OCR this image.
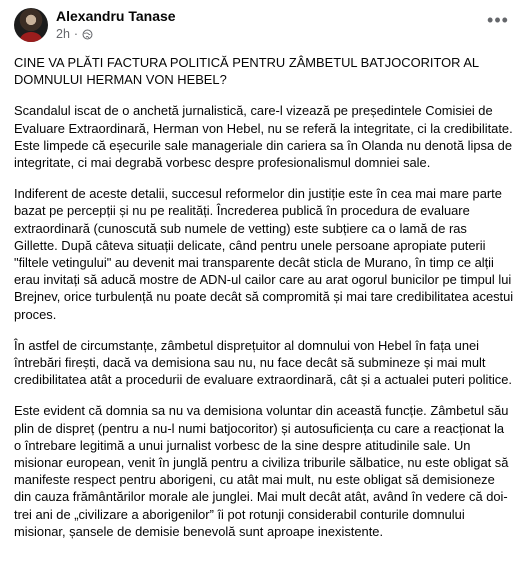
Alexandru Tanase
2h ·
•••

CINE VA PLĂTI FACTURA POLITICĂ PENTRU ZÂMBETUL BATJOCORITOR AL DOMNULUI HERMAN VON HEBEL?

Scandalul iscat de o anchetă jurnalistică, care-l vizează pe președintele Comisiei de Evaluare Extraordinară, Herman von Hebel, nu se referă la integritate, ci la credibilitate. Este limpede că eșecurile sale manageriale din cariera sa în Olanda nu denotă lipsa de integritate, ci mai degrabă vorbesc despre profesionalismul domniei sale.

Indiferent de aceste detalii, succesul reformelor din justiție este în cea mai mare parte bazat pe percepții și nu pe realități. Încrederea publică în procedura de evaluare extraordinară (cunoscută sub numele de vetting) este subțiere ca o lamă de ras Gillette. După câteva situații delicate, când pentru unele persoane apropiate puterii "filtele vetingului" au devenit mai transparente decât sticla de Murano, în timp ce alții erau invitați să aducă mostre de ADN-ul cailor care au arat ogorul bunicilor pe timpul lui Brejnev, orice turbulență nu poate decât să compromită și mai tare credibilitatea acestui proces.

În astfel de circumstanțe, zâmbetul disprețuitor al domnului von Hebel în fața unei întrebări firești, dacă va demisiona sau nu, nu face decât să submineze și mai mult credibilitatea atât a procedurii de evaluare extraordinară, cât și a actualei puteri politice.

Este evident că domnia sa nu va demisiona voluntar din această funcție. Zâmbetul său plin de dispreț (pentru a nu-l numi batjocoritor) și autosuficiența cu care a reacționat la o întrebare legitimă a unui jurnalist vorbesc de la sine despre atitudinile sale. Un misionar european, venit în junglă pentru a civiliza triburile sălbatice, nu este obligat să manifeste respect pentru aborigeni, cu atât mai mult, nu este obligat să demisioneze din cauza frământărilor morale ale junglei. Mai mult decât atât, având în vedere că doi-trei ani de „civilizare a aborigenilor” îi pot rotunji considerabil conturile domnului misionar, șansele de demisie benevolă sunt aproape inexistente.
